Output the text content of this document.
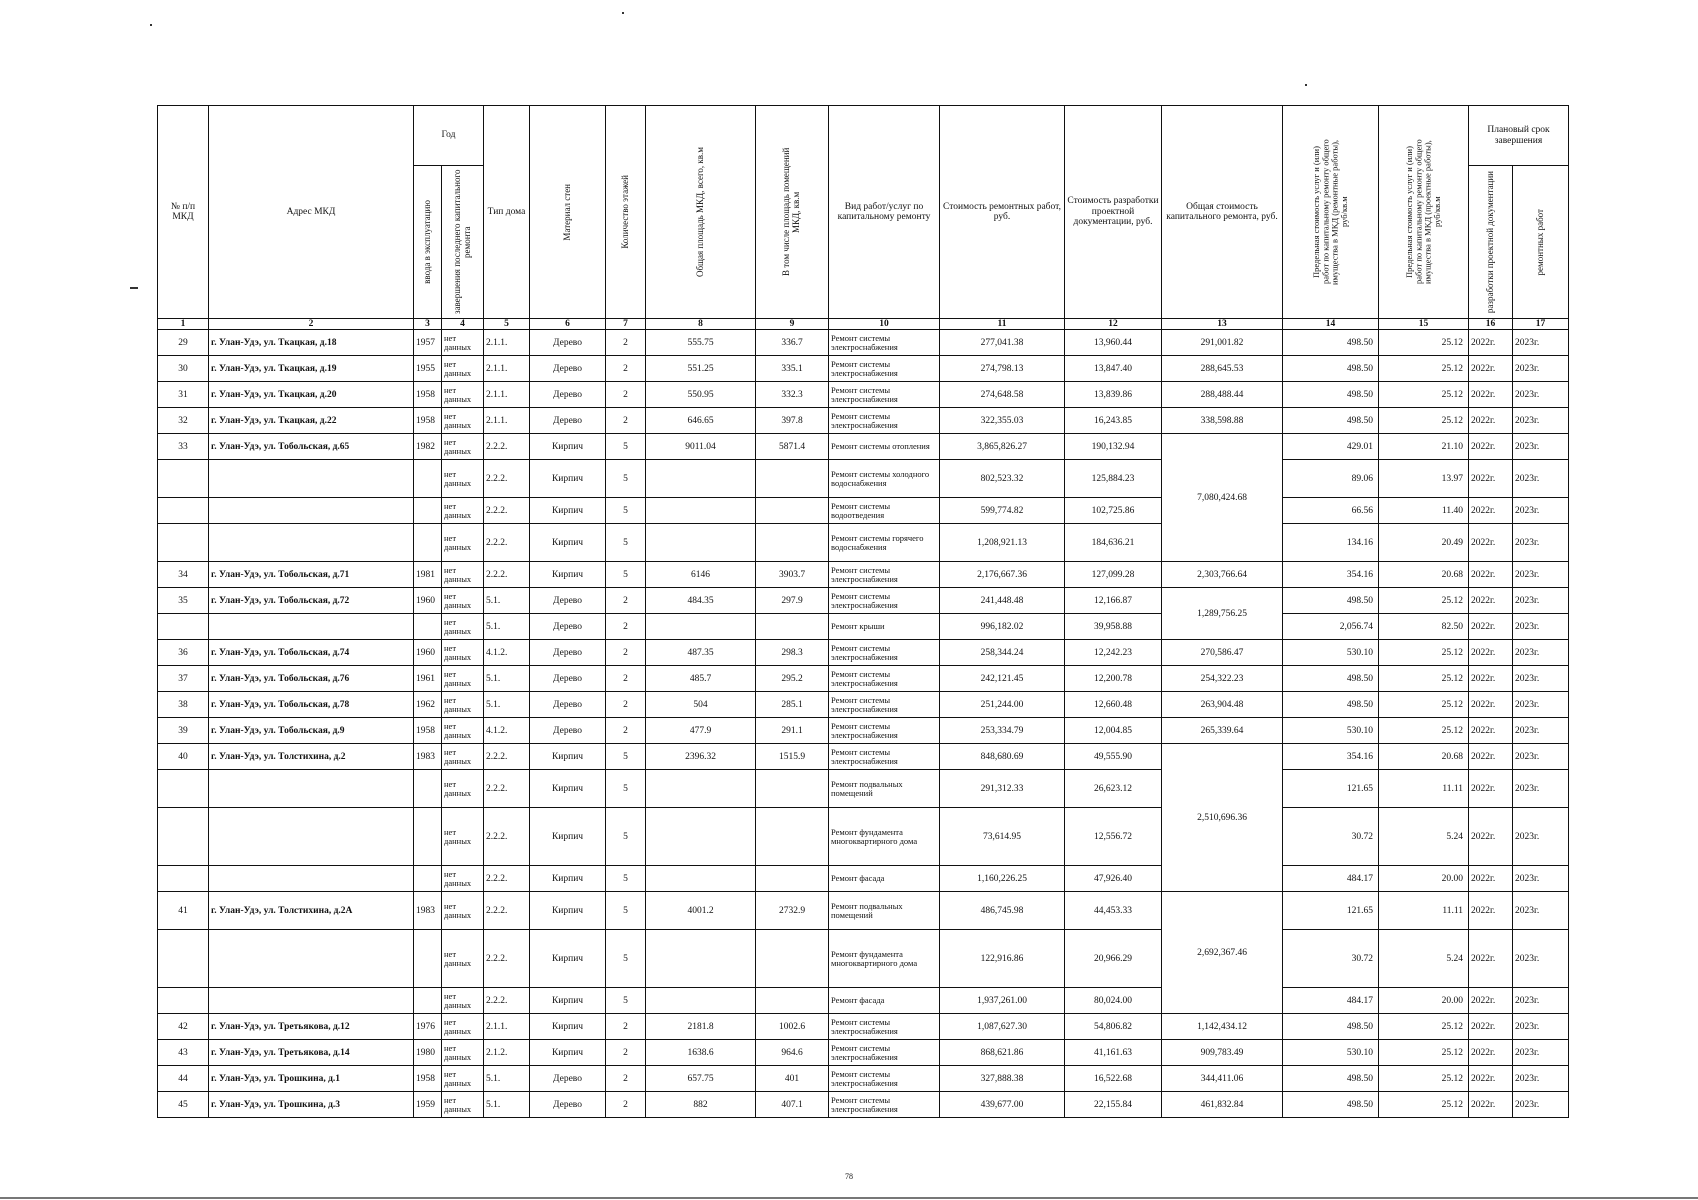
№ п/п МКД	Адрес МКД	Год		Тип дома	Материал стен	Количество этажей	Общая площадь МКД, всего, кв.м	В том числе площадь помещений МКД, кв.м	Вид работ/услуг по капитальному ремонту	Стоимость ремонтных работ, руб.	Стоимость разработки проектной документации, руб.	Общая стоимость капитального ремонта, руб.	Предельная стоимость услуг и (или) работ по капитальному ремонту общего имущества в МКД (ремонтные работы), руб/кв.м	Предельная стоимость услуг и (или) работ по капитальному ремонту общего имущества в МКД (проектные работы), руб/кв.м	Плановый срок завершения	

		ввода в эксплуатацию	завершения последнего капитального ремонта												разработки проектной документации	ремонтных работ

1	2	3	4	5	6	7	8	9	10	11	12	13	14	15	16	17
29	г. Улан-Удэ, ул. Ткацкая, д.18	1957	нет данных	2.1.1.	Дерево	2	555.75	336.7	Ремонт системы электроснабжения	277,041.38	13,960.44	291,001.82	498.50	25.12	2022г.	2023г.
30	г. Улан-Удэ, ул. Ткацкая, д.19	1955	нет данных	2.1.1.	Дерево	2	551.25	335.1	Ремонт системы электроснабжения	274,798.13	13,847.40	288,645.53	498.50	25.12	2022г.	2023г.
31	г. Улан-Удэ, ул. Ткацкая, д.20	1958	нет данных	2.1.1.	Дерево	2	550.95	332.3	Ремонт системы электроснабжения	274,648.58	13,839.86	288,488.44	498.50	25.12	2022г.	2023г.
32	г. Улан-Удэ, ул. Ткацкая, д.22	1958	нет данных	2.1.1.	Дерево	2	646.65	397.8	Ремонт системы электроснабжения	322,355.03	16,243.85	338,598.88	498.50	25.12	2022г.	2023г.
33	г. Улан-Удэ, ул. Тобольская, д.65	1982	нет данных	2.2.2.	Кирпич	5	9011.04	5871.4	Ремонт системы отопления	3,865,826.27	190,132.94	7,080,424.68	429.01	21.10	2022г.	2023г.
			нет данных	2.2.2.	Кирпич	5			Ремонт системы холодного водоснабжения	802,523.32	125,884.23		89.06	13.97	2022г.	2023г.
			нет данных	2.2.2.	Кирпич	5			Ремонт системы водоотведения	599,774.82	102,725.86		66.56	11.40	2022г.	2023г.
			нет данных	2.2.2.	Кирпич	5			Ремонт системы горячего водоснабжения	1,208,921.13	184,636.21		134.16	20.49	2022г.	2023г.
34	г. Улан-Удэ, ул. Тобольская, д.71	1981	нет данных	2.2.2.	Кирпич	5	6146	3903.7	Ремонт системы электроснабжения	2,176,667.36	127,099.28	2,303,766.64	354.16	20.68	2022г.	2023г.
35	г. Улан-Удэ, ул. Тобольская, д.72	1960	нет данных	5.1.	Дерево	2	484.35	297.9	Ремонт системы электроснабжения	241,448.48	12,166.87	1,289,756.25	498.50	25.12	2022г.	2023г.
			нет данных	5.1.	Дерево	2			Ремонт крыши	996,182.02	39,958.88		2,056.74	82.50	2022г.	2023г.
36	г. Улан-Удэ, ул. Тобольская, д.74	1960	нет данных	4.1.2.	Дерево	2	487.35	298.3	Ремонт системы электроснабжения	258,344.24	12,242.23	270,586.47	530.10	25.12	2022г.	2023г.
37	г. Улан-Удэ, ул. Тобольская, д.76	1961	нет данных	5.1.	Дерево	2	485.7	295.2	Ремонт системы электроснабжения	242,121.45	12,200.78	254,322.23	498.50	25.12	2022г.	2023г.
38	г. Улан-Удэ, ул. Тобольская, д.78	1962	нет данных	5.1.	Дерево	2	504	285.1	Ремонт системы электроснабжения	251,244.00	12,660.48	263,904.48	498.50	25.12	2022г.	2023г.
39	г. Улан-Удэ, ул. Тобольская, д.9	1958	нет данных	4.1.2.	Дерево	2	477.9	291.1	Ремонт системы электроснабжения	253,334.79	12,004.85	265,339.64	530.10	25.12	2022г.	2023г.
40	г. Улан-Удэ, ул. Толстихина, д.2	1983	нет данных	2.2.2.	Кирпич	5	2396.32	1515.9	Ремонт системы электроснабжения	848,680.69	49,555.90	2,510,696.36	354.16	20.68	2022г.	2023г.
			нет данных	2.2.2.	Кирпич	5			Ремонт подвальных помещений	291,312.33	26,623.12		121.65	11.11	2022г.	2023г.
			нет данных	2.2.2.	Кирпич	5			Ремонт фундамента многоквартирного дома	73,614.95	12,556.72		30.72	5.24	2022г.	2023г.
			нет данных	2.2.2.	Кирпич	5			Ремонт фасада	1,160,226.25	47,926.40		484.17	20.00	2022г.	2023г.
41	г. Улан-Удэ, ул. Толстихина, д.2А	1983	нет данных	2.2.2.	Кирпич	5	4001.2	2732.9	Ремонт подвальных помещений	486,745.98	44,453.33	2,692,367.46	121.65	11.11	2022г.	2023г.
			нет данных	2.2.2.	Кирпич	5			Ремонт фундамента многоквартирного дома	122,916.86	20,966.29		30.72	5.24	2022г.	2023г.
			нет данных	2.2.2.	Кирпич	5			Ремонт фасада	1,937,261.00	80,024.00		484.17	20.00	2022г.	2023г.
42	г. Улан-Удэ, ул. Третьякова, д.12	1976	нет данных	2.1.1.	Кирпич	2	2181.8	1002.6	Ремонт системы электроснабжения	1,087,627.30	54,806.82	1,142,434.12	498.50	25.12	2022г.	2023г.
43	г. Улан-Удэ, ул. Третьякова, д.14	1980	нет данных	2.1.2.	Кирпич	2	1638.6	964.6	Ремонт системы электроснабжения	868,621.86	41,161.63	909,783.49	530.10	25.12	2022г.	2023г.
44	г. Улан-Удэ, ул. Трошкина, д.1	1958	нет данных	5.1.	Дерево	2	657.75	401	Ремонт системы электроснабжения	327,888.38	16,522.68	344,411.06	498.50	25.12	2022г.	2023г.
45	г. Улан-Удэ, ул. Трошкина, д.3	1959	нет данных	5.1.	Дерево	2	882	407.1	Ремонт системы электроснабжения	439,677.00	22,155.84	461,832.84	498.50	25.12	2022г.	2023г.
78
